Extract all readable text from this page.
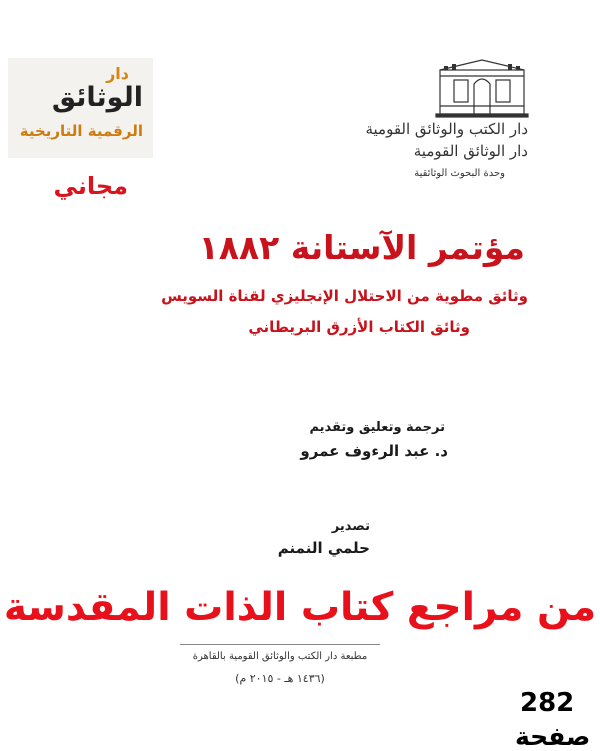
دار
الوثائق
الرقمية التاريخية
مجاني
دار الكتب والوثائق القومية
دار الوثائق القومية
وحدة البحوث الوثائقية
مؤتمر الآستانة ١٨٨٢
وثائق مطوية من الاحتلال الإنجليزي لقناة السويس
وثائق الكتاب الأزرق البريطاني
ترجمة وتعليق وتقديم
د. عبد الرءوف عمرو
تصدير
حلمي النمنم
من مراجع كتاب الذات المقدسة
مطبعة دار الكتب والوثائق القومية بالقاهرة
(١٤٣٦ هـ - ٢٠١٥ م)
282
صفحة
